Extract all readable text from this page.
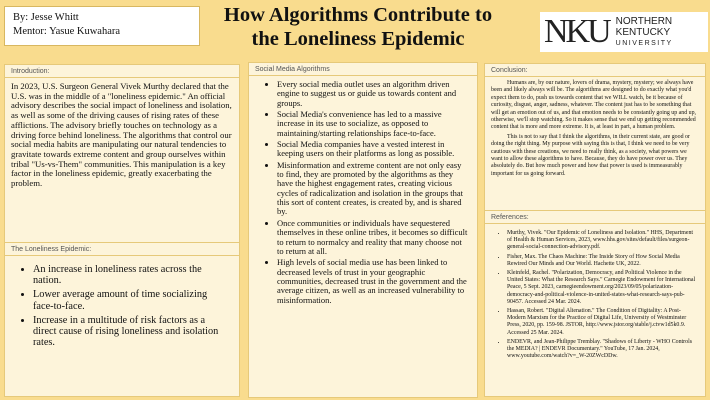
By: Jesse Whitt
Mentor: Yasue Kuwahara
How Algorithms Contribute to
the Loneliness Epidemic	NKU NORTHERN
KENTUCKY
UNIVERSITY
Introduction:
In 2023, U.S. Surgeon General Vivek Murthy declared that the U.S. was in the middle of a "loneliness epidemic." An official advisory describes the social impact of loneliness and isolation, as well as some of the driving causes of rising rates of these afflictions. The advisory briefly touches on technology as a driving force behind loneliness. The algorithms that control our social media habits are manipulating our natural tendencies to gravitate towards extreme content and group ourselves within tribal "Us-vs-Them" communities. This manipulation is a key factor in the loneliness epidemic, greatly exacerbating the problem.
The Loneliness Epidemic:
• An increase in loneliness rates across the nation.
• Lower average amount of time socializing face-to-face.
• Increase in a multitude of risk factors as a direct cause of rising loneliness and isolation rates.
Social Media Algorithms
• Every social media outlet uses an algorithm driven engine to suggest us or guide us towards content and groups.
• Social Media's convenience has led to a massive increase in its use to socialize, as opposed to maintaining/starting relationships face-to-face.
• Social Media companies have a vested interest in keeping users on their platforms as long as possible.
• Misinformation and extreme content are not only easy to find, they are promoted by the algorithms as they have the highest engagement rates, creating vicious cycles of radicalization and isolation in the groups that this sort of content creates, is created by, and is shared by.
• Once communities or individuals have sequestered themselves in these online tribes, it becomes so difficult to return to normalcy and reality that many choose not to return at all.
• High levels of social media use has been linked to decreased levels of trust in your geographic communities, decreased trust in the government and the average citizen, as well as an increased vulnerability to misinformation.
Conclusion:

Humans are, by our nature, lovers of drama, mystery, mystery; we always have been and likely always will be. The algorithms are designed to do exactly what you'd expect them to do, push us towards content that we WILL watch, be it because of curiosity, disgust, anger, sadness, whatever. The content just has to be something that will get an emotion out of us, and that emotion needs to be constantly going up and up, otherwise, we'll stop watching. So it makes sense that we end up getting recommended content that is more and more extreme. It is, at least in part, a human problem.

This is not to say that I think the algorithms, in their current state, are good or doing the right thing. My purpose with saying this is that, I think we need to be very cautious with these creations, we need to really think, as a society, what powers we want to allow these algorithms to have. Because, they do have power over us. They absolutely do. But how much power and how that power is used is immeasurably important for us going forward.

References:
• Murthy, Vivek. "Our Epidemic of Loneliness and Isolation." HHS, Department of Health & Human Services, 2023, www.hhs.gov/sites/default/files/surgeon-general-social-connection-advisory.pdf.
• Fisher, Max. The Chaos Machine: The Inside Story of How Social Media Rewired Our Minds and Our World. Hachette UK, 2022.
• Kleinfeld, Rachel. "Polarization, Democracy, and Political Violence in the United States: What the Research Says." Carnegie Endowment for International Peace, 5 Sept. 2023, carnegieendowment.org/2023/09/05/polarization-democracy-and-political-violence-in-united-states-what-research-says-pub-90457. Accessed 24 Mar. 2024.
• Hassan, Robert. "Digital Alienation." The Condition of Digitality: A Post-Modern Marxism for the Practice of Digital Life, University of Westminster Press, 2020, pp. 159-98. JSTOR, http://www.jstor.org/stable/j.ctvw1d5k0.9. Accessed 25 Mar. 2024.
• ENDEVR, and Jean-Philippe Tremblay. "Shadows of Liberty - WHO Controls the MEDIA? | ENDEVR Documentary." YouTube, 17 Jan. 2024, www.youtube.com/watch?v=_W-20ZWcDDw.
